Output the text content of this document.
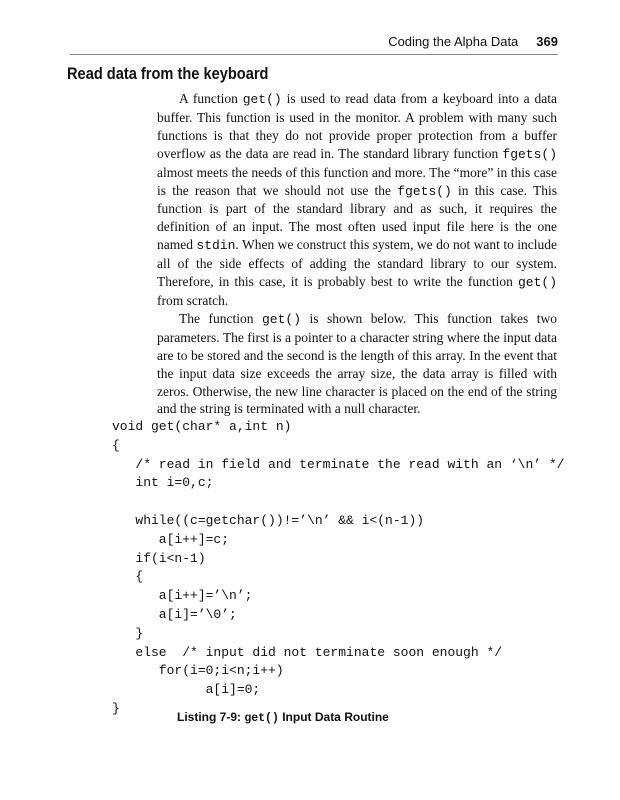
Coding the Alpha Data 369
Read data from the keyboard

A function get() is used to read data from a keyboard into a data buffer. This function is used in the monitor. A problem with many such functions is that they do not provide proper protection from a buffer overflow as the data are read in. The standard library function fgets() almost meets the needs of this function and more. The “more” in this case is the reason that we should not use the fgets() in this case. This function is part of the standard library and as such, it requires the definition of an input. The most often used input file here is the one named stdin. When we construct this system, we do not want to include all of the side effects of adding the standard library to our system. Therefore, in this case, it is probably best to write the function get() from scratch.

The function get() is shown below. This function takes two parameters. The first is a pointer to a character string where the input data are to be stored and the second is the length of this array. In the event that the input data size exceeds the array size, the data array is filled with zeros. Otherwise, the new line character is placed on the end of the string and the string is terminated with a null character.

void get(char* a,int n)
{
/* read in field and terminate the read with an ‘\n’ */
int i=0,c;
while((c=getchar())!=’\n’ && i<(n-1))
a[i++]=c;
if(i<n-1)
{
a[i++]=’\n’;
a[i]=’\0’;
}
else  /* input did not terminate soon enough */
for(i=0;i<n;i++)
a[i]=0;
}
Listing 7-9: get() Input Data Routine
